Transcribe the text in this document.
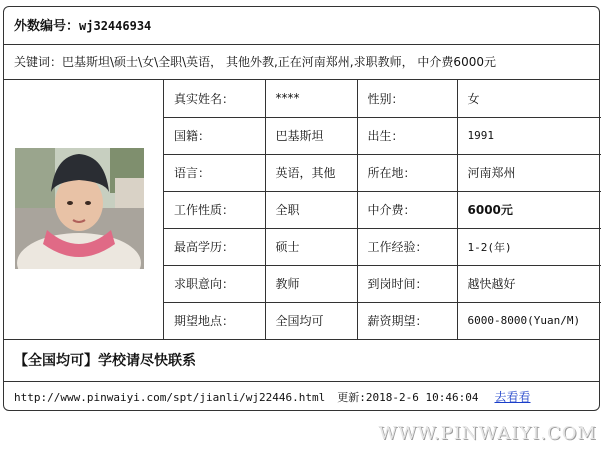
外数编号：wj32446934
关键词：巴基斯坦\硕士\女\全职\英语， 其他外教,正在河南郑州,求职教师， 中介费6000元
真实姓名：	****	性别：	女
国籍：	巴基斯坦	出生：	1991
语言：	英语，其他	所在地：	河南郑州
工作性质：	全职	中介费：	6000元
最高学历：	硕士	工作经验：	1-2(年)
求职意向：	教师	到岗时间：	越快越好
期望地点：	全国均可	薪资期望：	6000-8000(Yuan/M)
【全国均可】学校请尽快联系
http://www.pinwaiyi.com/spt/jianli/wj22446.html 更新:2018-2-6 10:46:04 去看看
WWW.PINWAIYI.COM
